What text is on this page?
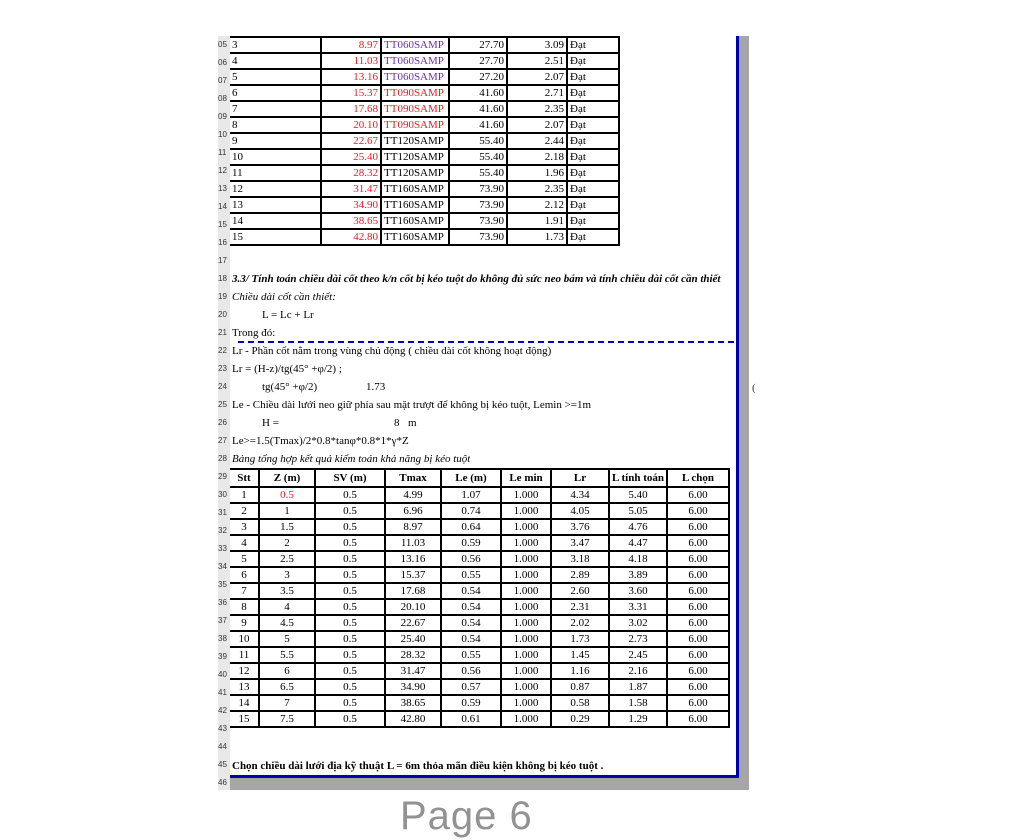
05
06
07
08
09
10
11
12
13
14
15
16
17
18
19
20
21
22
23
24
25
26
27
28
29
30
31
32
33
34
35
36
37
38
39
40
41
42
43
44
45
46
3	8.97	TT060SAMP	27.70	3.09	Đạt
4	11.03	TT060SAMP	27.70	2.51	Đạt
5	13.16	TT060SAMP	27.20	2.07	Đạt
6	15.37	TT090SAMP	41.60	2.71	Đạt
7	17.68	TT090SAMP	41.60	2.35	Đạt
8	20.10	TT090SAMP	41.60	2.07	Đạt
9	22.67	TT120SAMP	55.40	2.44	Đạt
10	25.40	TT120SAMP	55.40	2.18	Đạt
11	28.32	TT120SAMP	55.40	1.96	Đạt
12	31.47	TT160SAMP	73.90	2.35	Đạt
13	34.90	TT160SAMP	73.90	2.12	Đạt
14	38.65	TT160SAMP	73.90	1.91	Đạt
15	42.80	TT160SAMP	73.90	1.73	Đạt
3.3/ Tính toán chiều dài cốt theo k/n cốt bị kéo tuột do không đủ sức neo bám và tính chiều dài cốt cần thiết
Chiều dài cốt cần thiết:
L = Lc + Lr
Trong đó:
Lr - Phần cốt nằm trong vùng chủ động ( chiều dài cốt không hoạt động)
Lr = (H-z)/tg(45° +φ/2) ;
tg(45° +φ/2)	1.73
Le - Chiều dài lưới neo giữ phía sau mặt trượt để không bị kéo tuột, Lemin >=1m
H =	8 m
Le>=1.5(Tmax)/2*0.8*tanφ*0.8*1*γ*Z
Bảng tổng hợp kết quả kiểm toán khả năng bị kéo tuột
Stt	Z (m)	SV (m)	Tmax	Le (m)	Le min	Lr	L tính toán	L chọn
1	0.5	0.5	4.99	1.07	1.000	4.34	5.40	6.00
2	1	0.5	6.96	0.74	1.000	4.05	5.05	6.00
3	1.5	0.5	8.97	0.64	1.000	3.76	4.76	6.00
4	2	0.5	11.03	0.59	1.000	3.47	4.47	6.00
5	2.5	0.5	13.16	0.56	1.000	3.18	4.18	6.00
6	3	0.5	15.37	0.55	1.000	2.89	3.89	6.00
7	3.5	0.5	17.68	0.54	1.000	2.60	3.60	6.00
8	4	0.5	20.10	0.54	1.000	2.31	3.31	6.00
9	4.5	0.5	22.67	0.54	1.000	2.02	3.02	6.00
10	5	0.5	25.40	0.54	1.000	1.73	2.73	6.00
11	5.5	0.5	28.32	0.55	1.000	1.45	2.45	6.00
12	6	0.5	31.47	0.56	1.000	1.16	2.16	6.00
13	6.5	0.5	34.90	0.57	1.000	0.87	1.87	6.00
14	7	0.5	38.65	0.59	1.000	0.58	1.58	6.00
15	7.5	0.5	42.80	0.61	1.000	0.29	1.29	6.00
Chọn chiều dài lưới địa kỹ thuật L = 6m thỏa mãn điều kiện không bị kéo tuột .
Page 6
(
